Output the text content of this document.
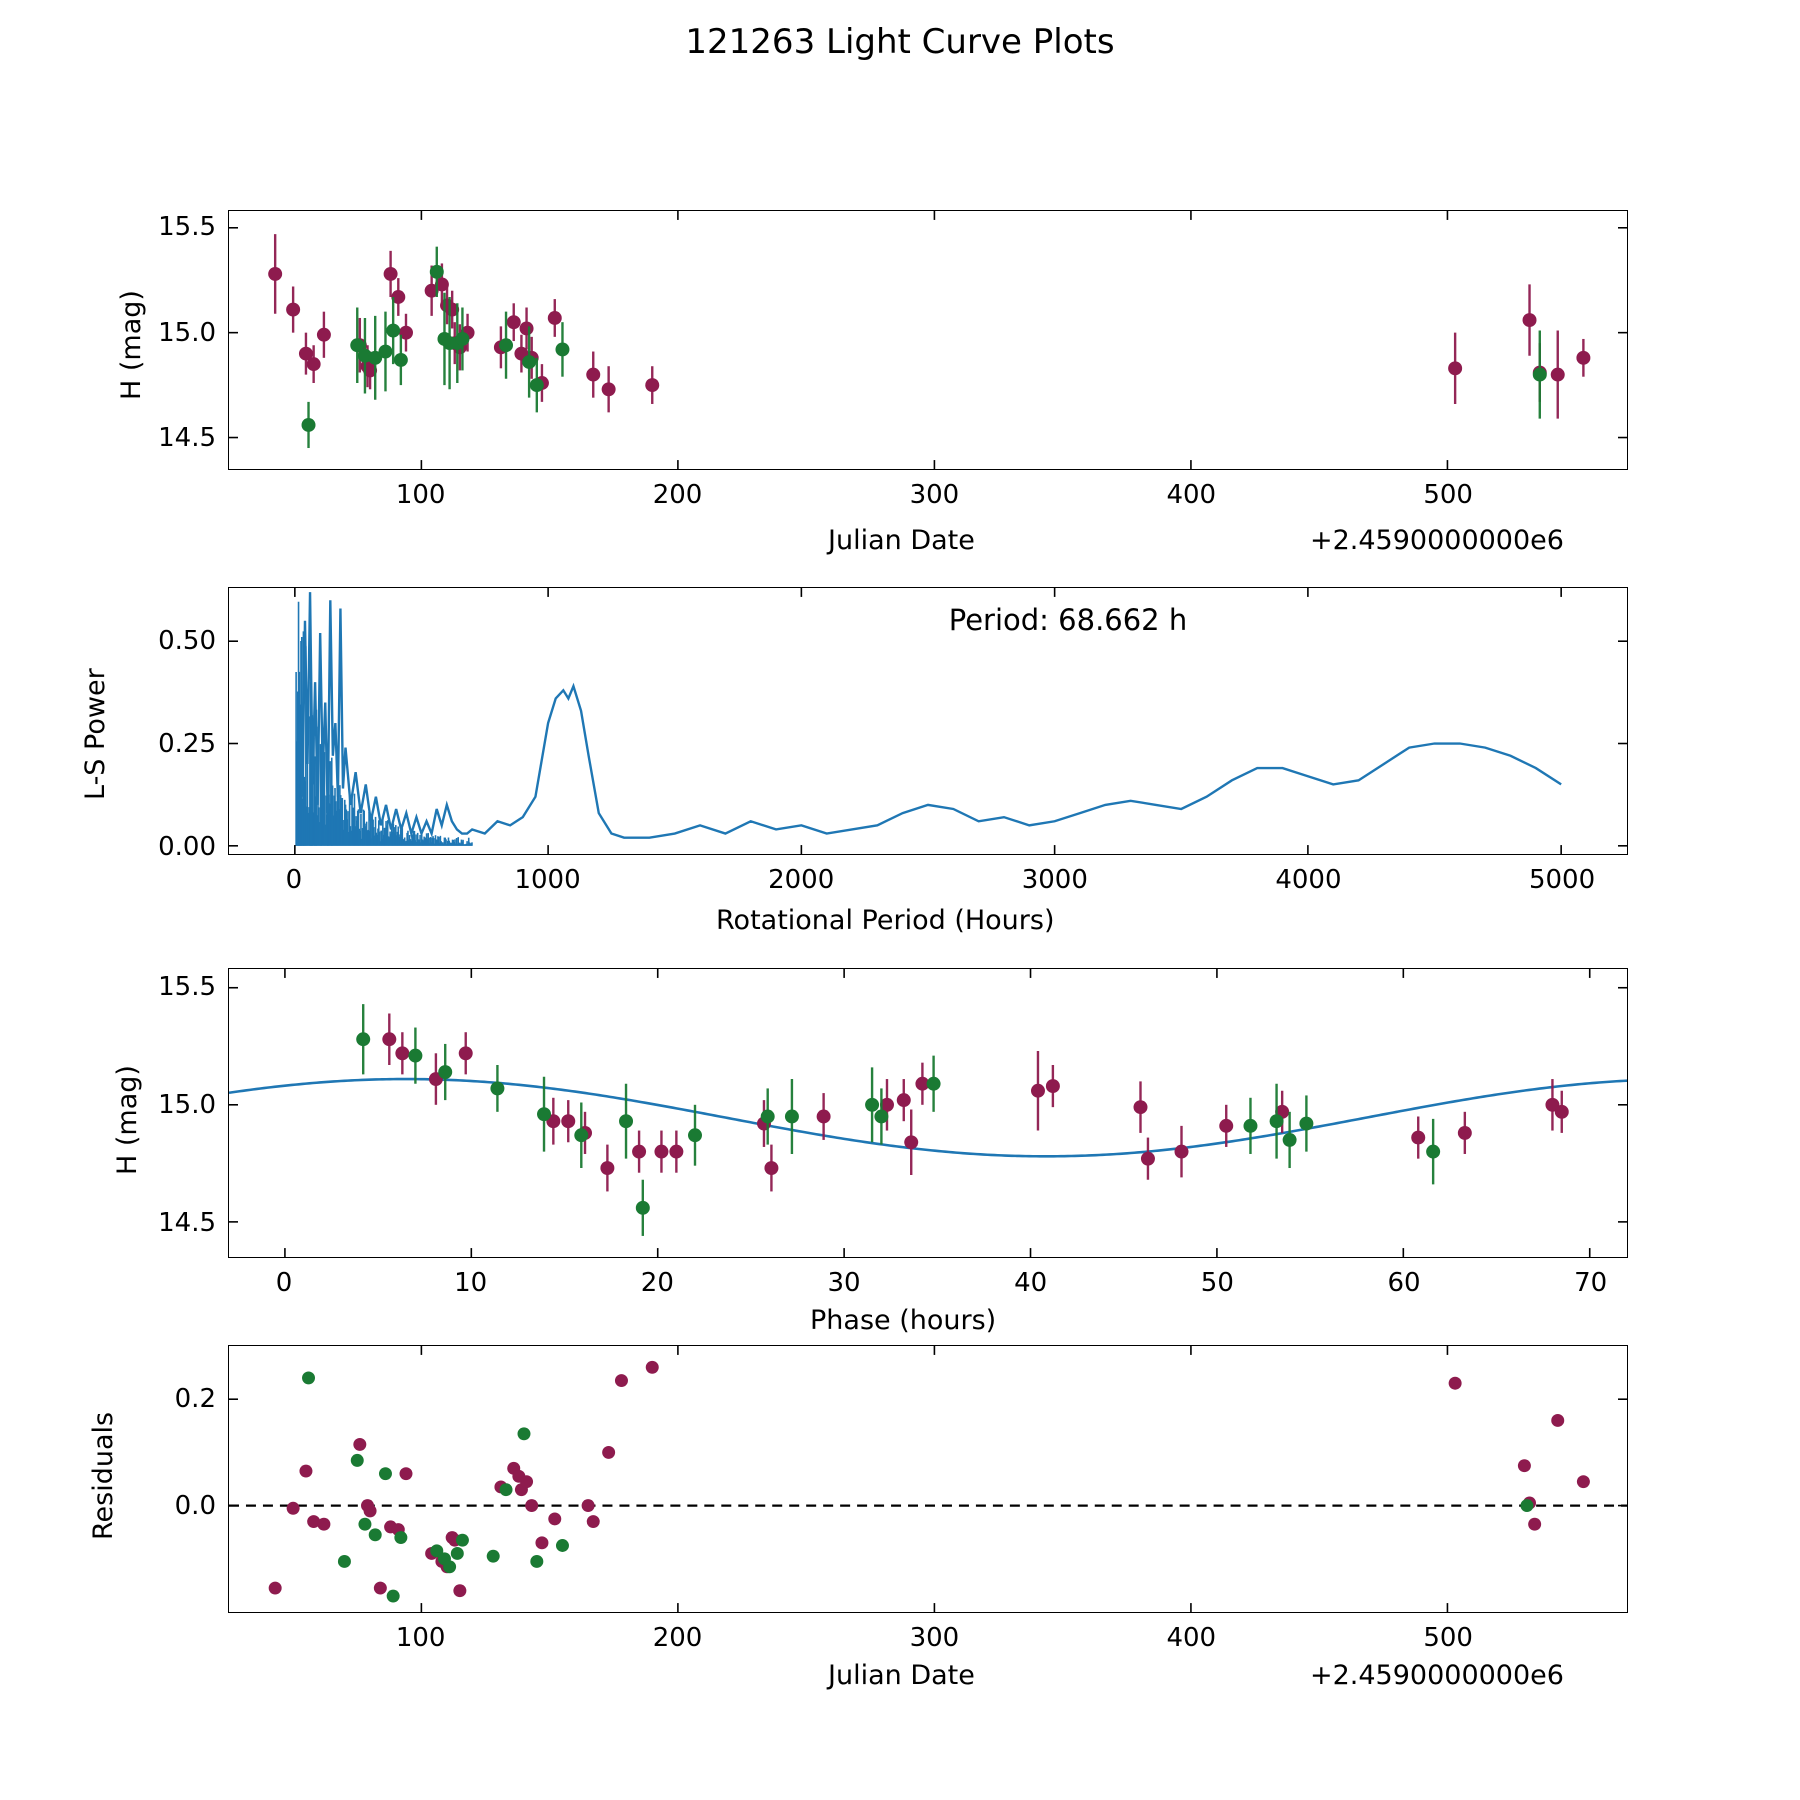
121263 Light Curve Plots
H (mag)
Julian Date	+2.4590000000e6
Period: 68.662 h
L-S Power
Rotational Period (Hours)
H (mag)
Phase (hours)
Residuals
Julian Date	+2.4590000000e6
100	200	300	400	500
14.5
15.0
15.5
0	1000	2000	3000	4000	5000
0.00
0.25
0.50
0	10	20	30	40	50	60	70
14.5
15.0
15.5
100	200	300	400	500
0.0
0.2
